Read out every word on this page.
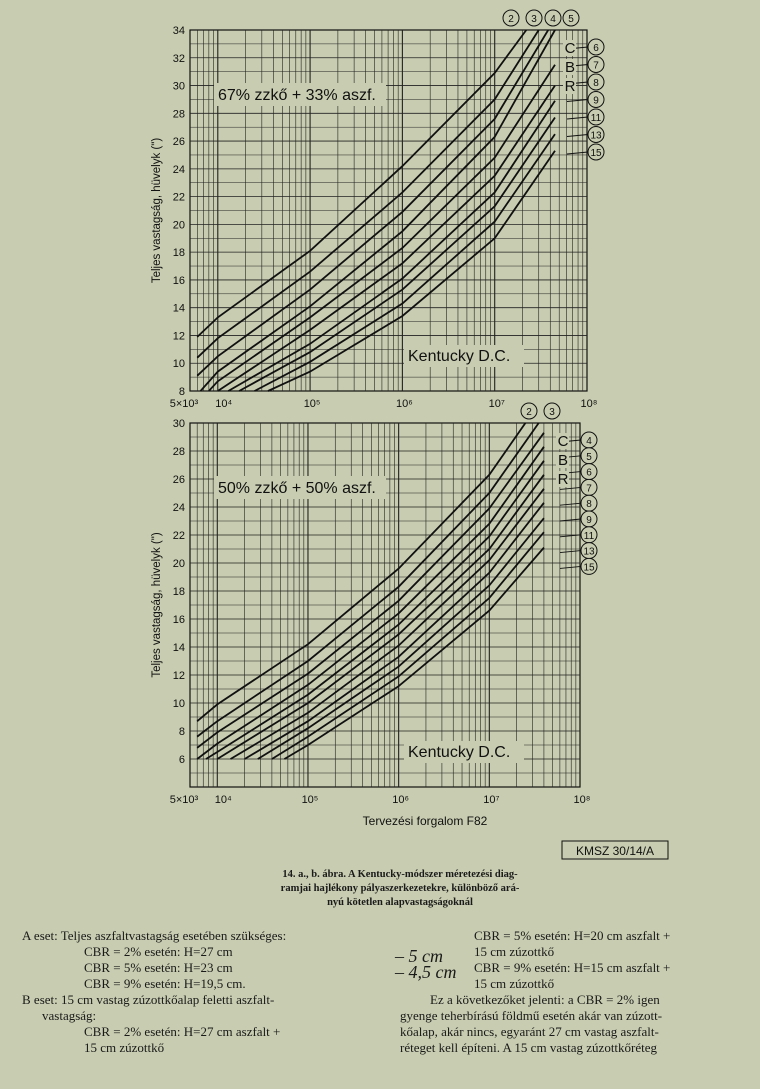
8
10
12
14
16
18
20
22
24
26
28
30
32
34
5×10³ 10⁴	10⁵	10⁶	10⁷	10⁸
Teljes vastagság, hüvelyk (")
67% zzkő + 33% aszf.
Kentucky D.C.
2 3 4 5
6
7
8
9
11
13
15
C
B
R
6
8
10
12
14
16
18
20
22
24
26
28
30
5×10³ 10⁴	10⁵	10⁶	10⁷	10⁸
Teljes vastagság, hüvelyk (")
Tervezési forgalom F82
50% zzkő + 50% aszf.
Kentucky D.C.
2 3
4
5
6
7
8
9
11
13
15
C
B
R
KMSZ 30/14/A
14. a., b. ábra. A Kentucky-módszer méretezési diag-
ramjai hajlékony pályaszerkezetekre, különböző ará-
nyú kötetlen alapvastagságoknál
A eset: Teljes aszfaltvastagság esetében szükséges:
CBR = 2% esetén: H=27 cm
CBR = 5% esetén: H=23 cm
CBR = 9% esetén: H=19,5 cm.
B eset: 15 cm vastag zúzottkőalap feletti aszfalt-
vastagság:
CBR = 2% esetén: H=27 cm aszfalt +
15 cm zúzottkő
– 5 cm
– 4,5 cm
CBR = 5% esetén: H=20 cm aszfalt +
15 cm zúzottkő
CBR = 9% esetén: H=15 cm aszfalt +
15 cm zúzottkő
Ez a következőket jelenti: a CBR = 2% igen
gyenge teherbírású földmű esetén akár van zúzott-
kőalap, akár nincs, egyaránt 27 cm vastag aszfalt-
réteget kell építeni. A 15 cm vastag zúzottkőréteg
